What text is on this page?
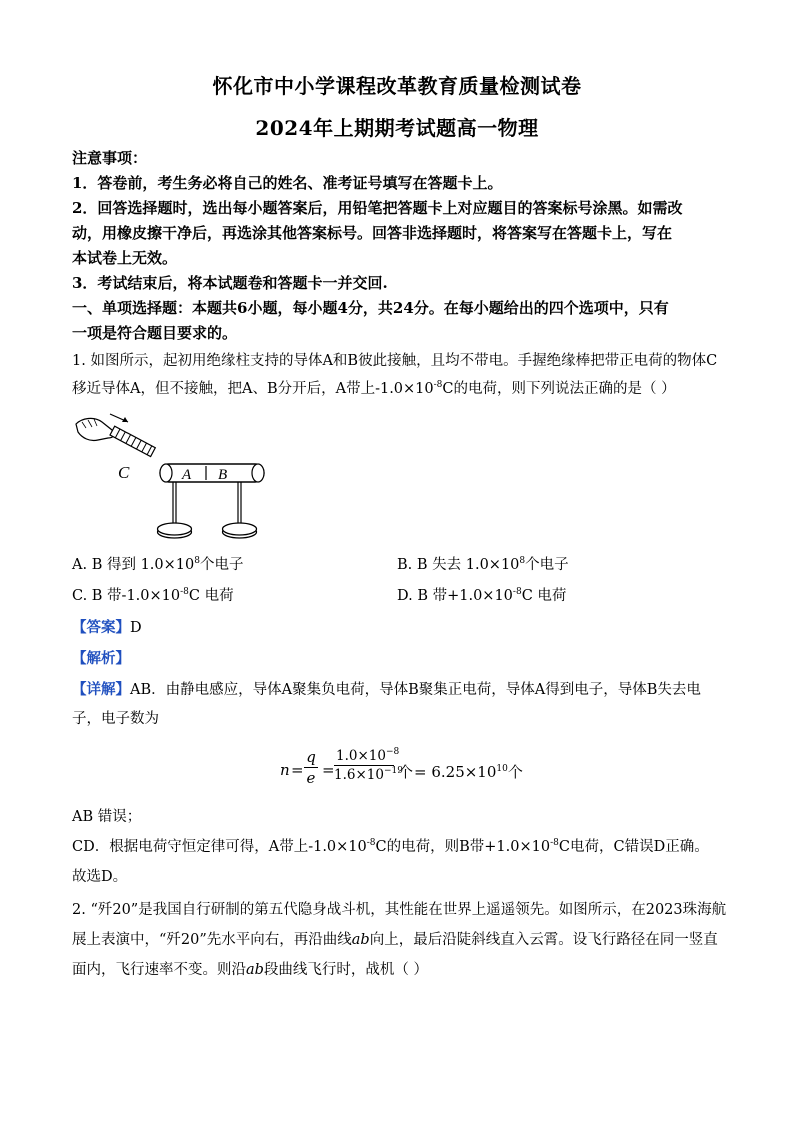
怀化市中小学课程改革教育质量检测试卷
2024年上期期考试题高一物理
注意事项：
1．答卷前，考生务必将自己的姓名、准考证号填写在答题卡上。
2．回答选择题时，选出每小题答案后，用铅笔把答题卡上对应题目的答案标号涂黑。如需改
动，用橡皮擦干净后，再选涂其他答案标号。回答非选择题时，将答案写在答题卡上，写在
本试卷上无效。
3．考试结束后，将本试题卷和答题卡一并交回.
一、单项选择题：本题共6小题，每小题4分，共24分。在每小题给出的四个选项中，只有
一项是符合题目要求的。
1. 如图所示，起初用绝缘柱支持的导体A和B彼此接触，且均不带电。手握绝缘棒把带正电荷的物体C
移近导体A，但不接触，把A、B分开后，A带上$-1.0\times 10^{-8}C$的电荷，则下列说法正确的是（ ）
C	A B
A. B 得到 $1.0\times 10^8$个电子	B. B 失去 $1.0\times 10^8$个电子
C. B 带$-1.0\times 10^{-8}C$ 电荷	D. B 带$+1.0\times 10^{-8}C$ 电荷
【答案】D
【解析】
【详解】AB．由静电感应，导体A聚集负电荷，导体B聚集正电荷，导体A得到电子，导体B失去电
子，电子数为
$n = \frac{q}{e} = \frac{1.0\times 10^{-8}}{1.6\times 10^{-19}}$ 个 = $6.25\times 10^{10}$个
AB 错误；
CD．根据电荷守恒定律可得，A带上$-1.0\times 10^{-8}C$的电荷，则B带$+1.0\times 10^{-8}C$电荷，C错误D正确。
故选D。
2. “歼20”是我国自行研制的第五代隐身战斗机，其性能在世界上遥遥领先。如图所示，在2023珠海航
展上表演中，“歼20”先水平向右，再沿曲线ab向上，最后沿陡斜线直入云霄。设飞行路径在同一竖直
面内，飞行速率不变。则沿ab段曲线飞行时，战机（ ）
